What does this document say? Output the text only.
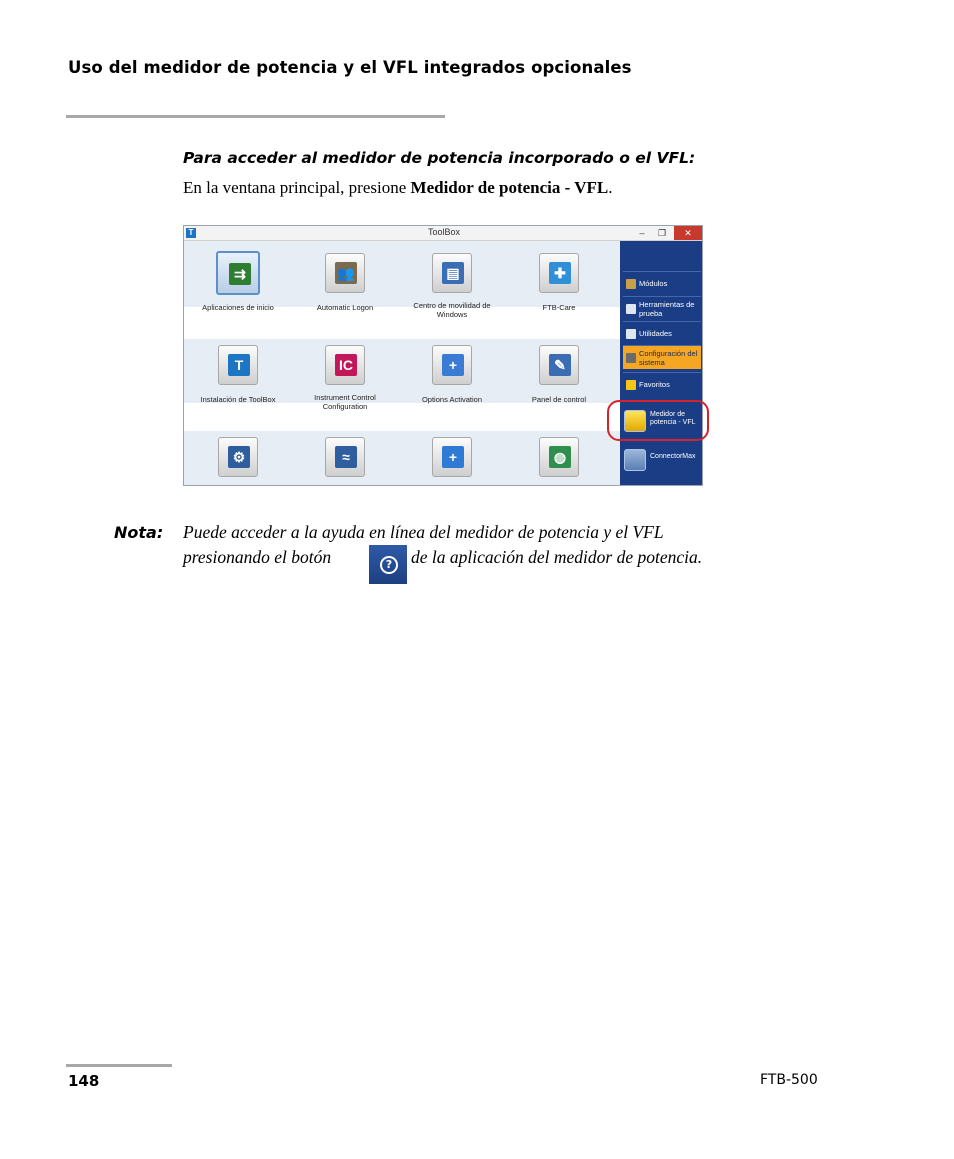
Uso del medidor de potencia y el VFL integrados opcionales
Para acceder al medidor de potencia incorporado o el VFL:
En la ventana principal, presione Medidor de potencia - VFL.
T	ToolBox	–	❐	✕
⇉
Aplicaciones de inicio
👥
Automatic Logon
▤
Centro de movilidad de Windows
✚
FTB-Care
T
Instalación de ToolBox
IC
Instrument Control Configuration
+
Options Activation
✎
Panel de control
⚙	≈	+	◍
Módulos
Herramientas de prueba
Utilidades
Configuración del sistema
Favoritos
Medidor de potencia - VFL
ConnectorMax
Nota: Puede acceder a la ayuda en línea del medidor de potencia y el VFL
presionando el botón	?	de la aplicación del medidor de potencia.
148	FTB-500
